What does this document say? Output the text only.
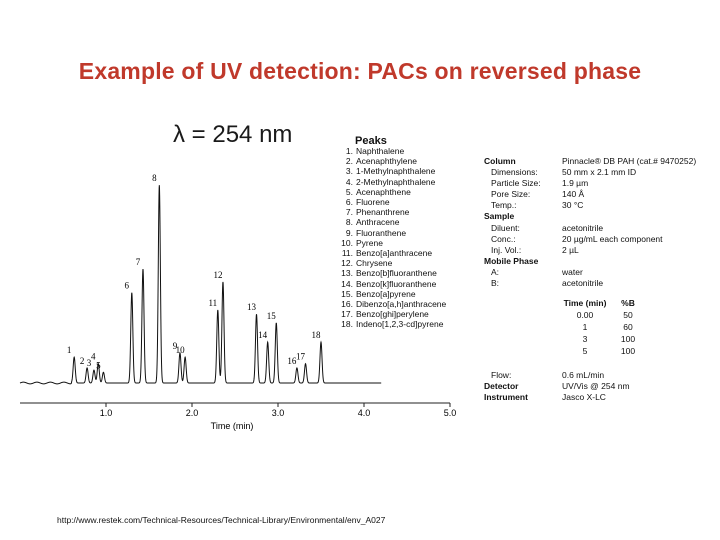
Example of UV detection: PACs on reversed phase
λ = 254 nm
1.0	2.0	3.0	4.0	5.0
1
2 3
4
5
6
7
8
9
10
11
12
13
14
15
16 17
18
Time (min)
Peaks
1. Naphthalene
2. Acenaphthylene
3. 1-Methylnaphthalene
4. 2-Methylnaphthalene
5. Acenaphthene
6. Fluorene
7. Phenanthrene
8. Anthracene
9. Fluoranthene
10. Pyrene
11. Benzo[a]anthracene
12. Chrysene
13. Benzo[b]fluoranthene
14. Benzo[k]fluoranthene
15. Benzo[a]pyrene
16. Dibenzo[a,h]anthracene
17. Benzo[ghi]perylene
18. Indeno[1,2,3-cd]pyrene
Column	Pinnacle® DB PAH (cat.# 9470252)
Dimensions:	50 mm x 2.1 mm ID
Particle Size:	1.9 µm
Pore Size:	140 Å
Temp.:	30 °C
Sample
Diluent:	acetonitrile
Conc.:	20 µg/mL each component
Inj. Vol.:	2 µL
Mobile Phase
A:	water
B:	acetonitrile
Time (min)	%B
0.00	50
1	60
3	100
5	100
Flow:	0.6 mL/min
Detector	UV/Vis @ 254 nm
Instrument	Jasco X-LC
http://www.restek.com/Technical-Resources/Technical-Library/Environmental/env_A027
